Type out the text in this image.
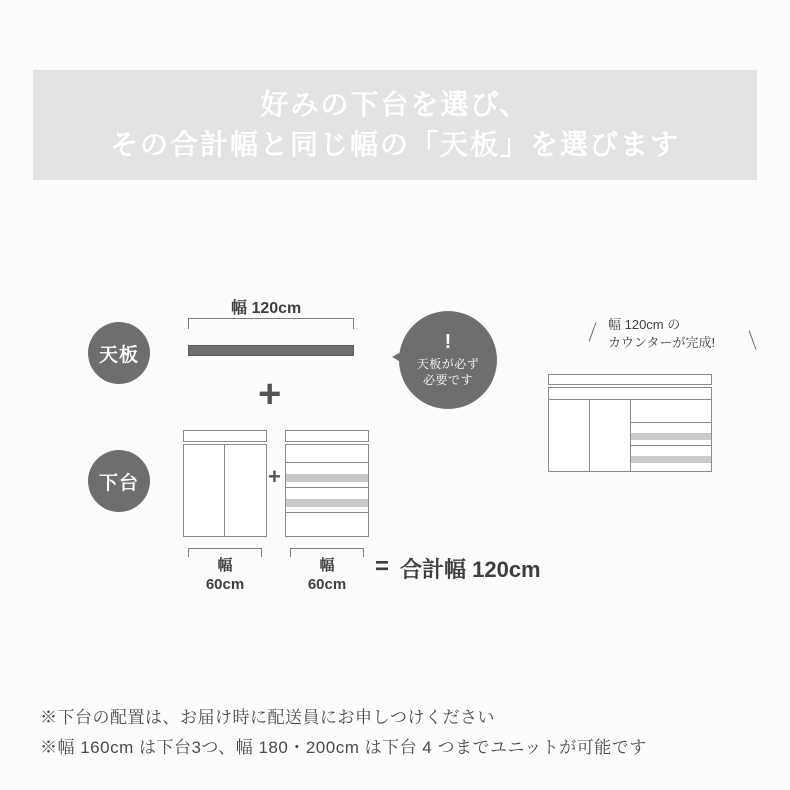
好みの下台を選び、
その合計幅と同じ幅の「天板」を選びます
天板
下台
幅 120cm
+
!
天板が必ず
必要です
+
幅
60cm
幅
60cm
= 合計幅 120cm
幅 120cm の
カウンターが完成!
※下台の配置は、お届け時に配送員にお申しつけください
※幅 160cm は下台3つ、幅 180・200cm は下台 4 つまでユニットが可能です
